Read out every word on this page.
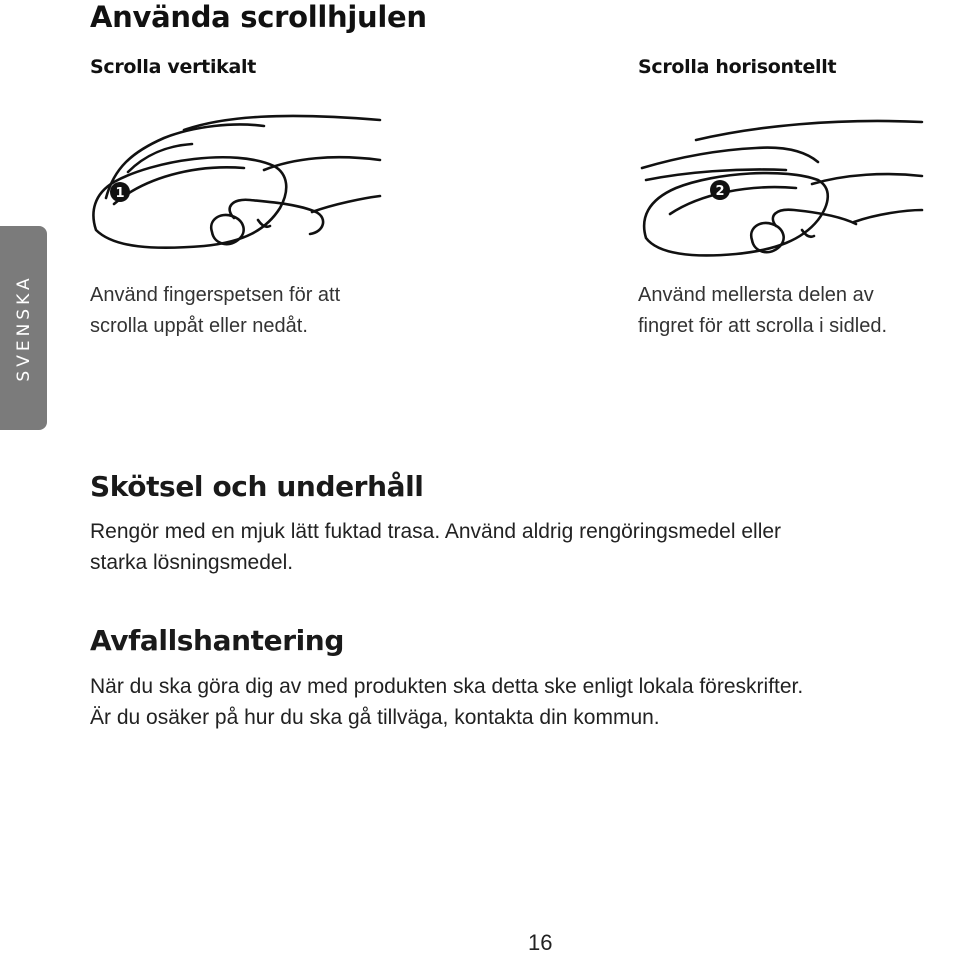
SVENSKA
Använda scrollhjulen
Scrolla vertikalt	Scrolla horisontellt
1	2

Använd fingerspetsen för att
scrolla uppåt eller nedåt.

Använd mellersta delen av
fingret för att scrolla i sidled.

Skötsel och underhåll

Rengör med en mjuk lätt fuktad trasa. Använd aldrig rengöringsmedel eller
starka lösningsmedel.

Avfallshantering

När du ska göra dig av med produkten ska detta ske enligt lokala föreskrifter.
Är du osäker på hur du ska gå tillväga, kontakta din kommun.

16
